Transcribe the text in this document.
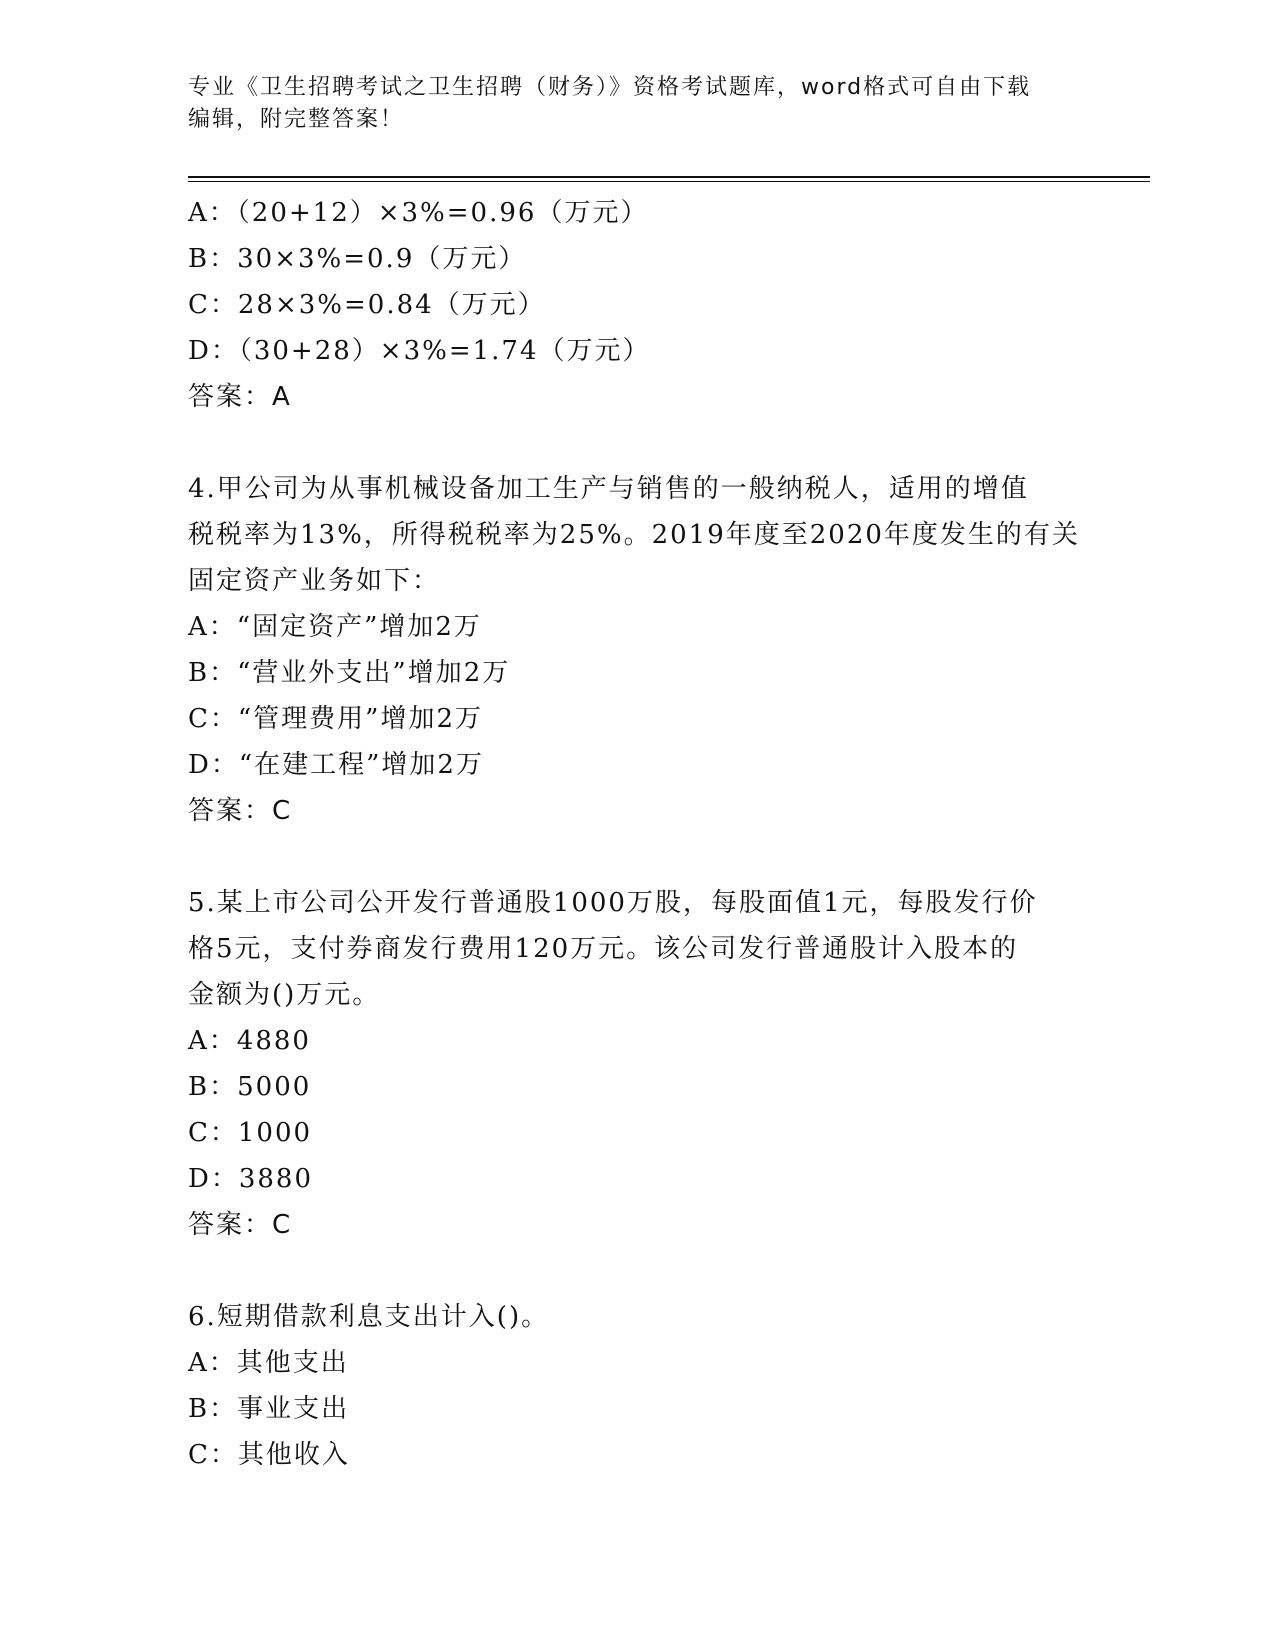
专业《卫生招聘考试之卫生招聘（财务）》资格考试题库，word格式可自由下载
编辑，附完整答案！
A：（20+12）×3%=0.96（万元）
B：30×3%=0.9（万元）
C：28×3%=0.84（万元）
D：（30+28）×3%=1.74（万元）
答案：A
4.甲公司为从事机械设备加工生产与销售的一般纳税人，适用的增值
税税率为13%，所得税税率为25%。2019年度至2020年度发生的有关
固定资产业务如下：
A：“固定资产”增加2万
B：“营业外支出”增加2万
C：“管理费用”增加2万
D：“在建工程”增加2万
答案：C
5.某上市公司公开发行普通股1000万股，每股面值1元，每股发行价
格5元，支付券商发行费用120万元。该公司发行普通股计入股本的
金额为()万元。
A：4880
B：5000
C：1000
D：3880
答案：C
6.短期借款利息支出计入()。
A：其他支出
B：事业支出
C：其他收入
